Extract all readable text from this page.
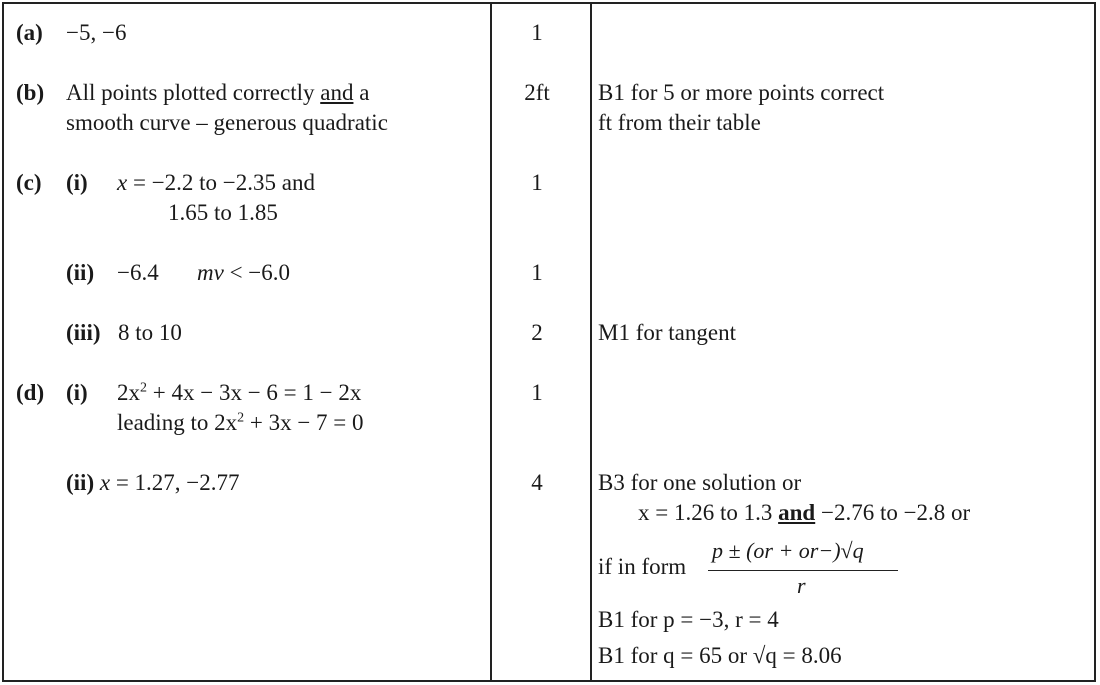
(a) −5, −6	1
(b) All points plotted correctly and a
smooth curve – generous quadratic
2ft	B1 for 5 or more points correct
ft from their table
(c) (i) x = −2.2 to −2.35 and
1.65 to 1.85
1
(ii) −6.4 mv < −6.0	1
(iii) 8 to 10	2	M1 for tangent
(d) (i) $2x^2 + 4x - 3x - 6 = 1 - 2x$
leading to $2x^2 + 3x - 7 = 0$
1
(ii) x = 1.27, −2.77	4	B3 for one solution or
x = 1.26 to 1.3 and −2.76 to −2.8 or
if in form
p ± (or + or−)√q
r
B1 for p = −3, r = 4
B1 for q = 65 or √q = 8.06
